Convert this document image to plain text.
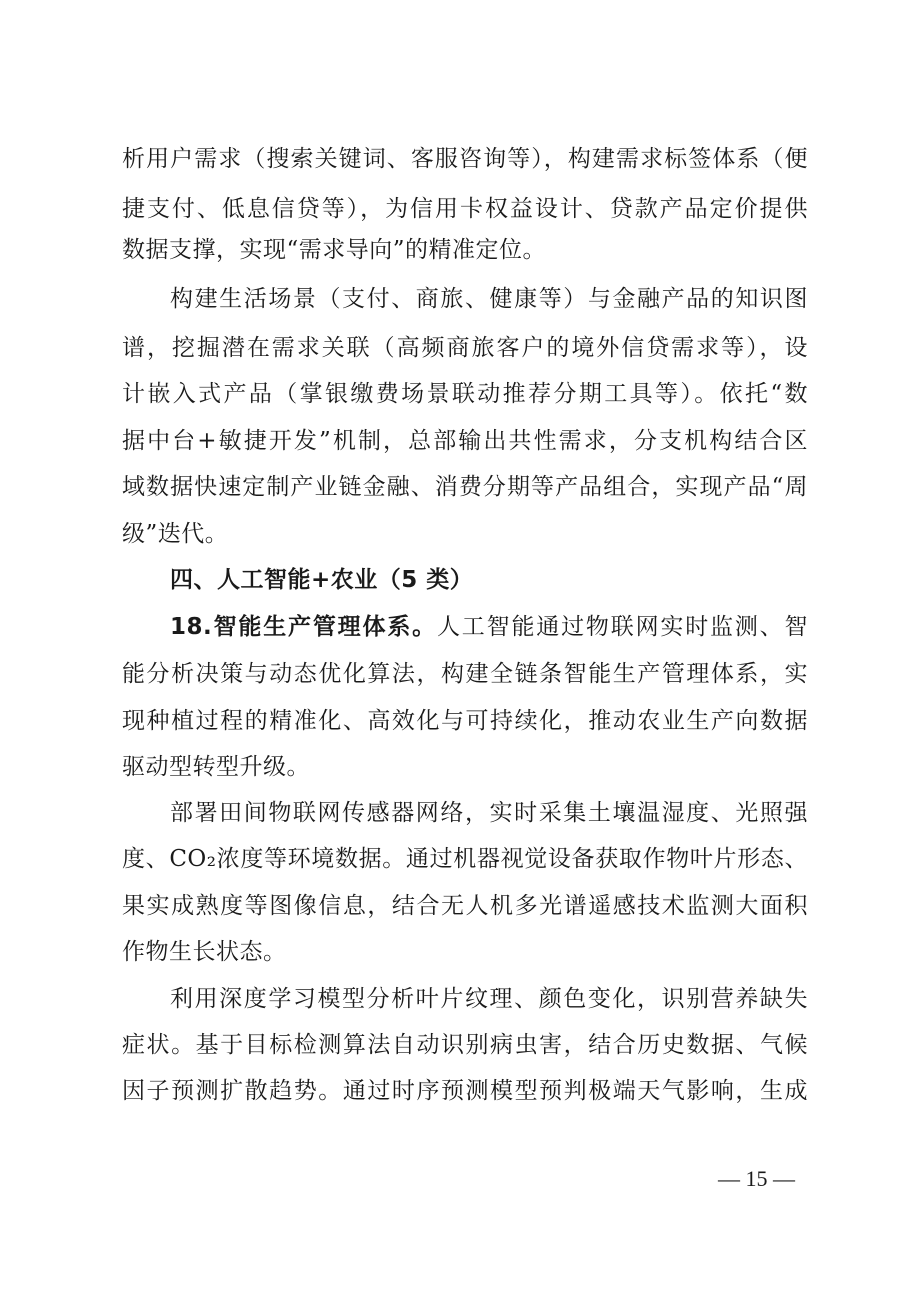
析用户需求（搜索关键词、客服咨询等），构建需求标签体系（便
捷支付、低息信贷等），为信用卡权益设计、贷款产品定价提供
数据支撑，实现“需求导向”的精准定位。
构建生活场景（支付、商旅、健康等）与金融产品的知识图
谱，挖掘潜在需求关联（高频商旅客户的境外信贷需求等），设
计嵌入式产品（掌银缴费场景联动推荐分期工具等）。依托“数
据中台+敏捷开发”机制，总部输出共性需求，分支机构结合区
域数据快速定制产业链金融、消费分期等产品组合，实现产品“周
级”迭代。
四、人工智能+农业（5 类）
18.智能生产管理体系。人工智能通过物联网实时监测、智
能分析决策与动态优化算法，构建全链条智能生产管理体系，实
现种植过程的精准化、高效化与可持续化，推动农业生产向数据
驱动型转型升级。
部署田间物联网传感器网络，实时采集土壤温湿度、光照强
度、CO₂浓度等环境数据。通过机器视觉设备获取作物叶片形态、
果实成熟度等图像信息，结合无人机多光谱遥感技术监测大面积
作物生长状态。
利用深度学习模型分析叶片纹理、颜色变化，识别营养缺失
症状。基于目标检测算法自动识别病虫害，结合历史数据、气候
因子预测扩散趋势。通过时序预测模型预判极端天气影响，生成
— 15 —
